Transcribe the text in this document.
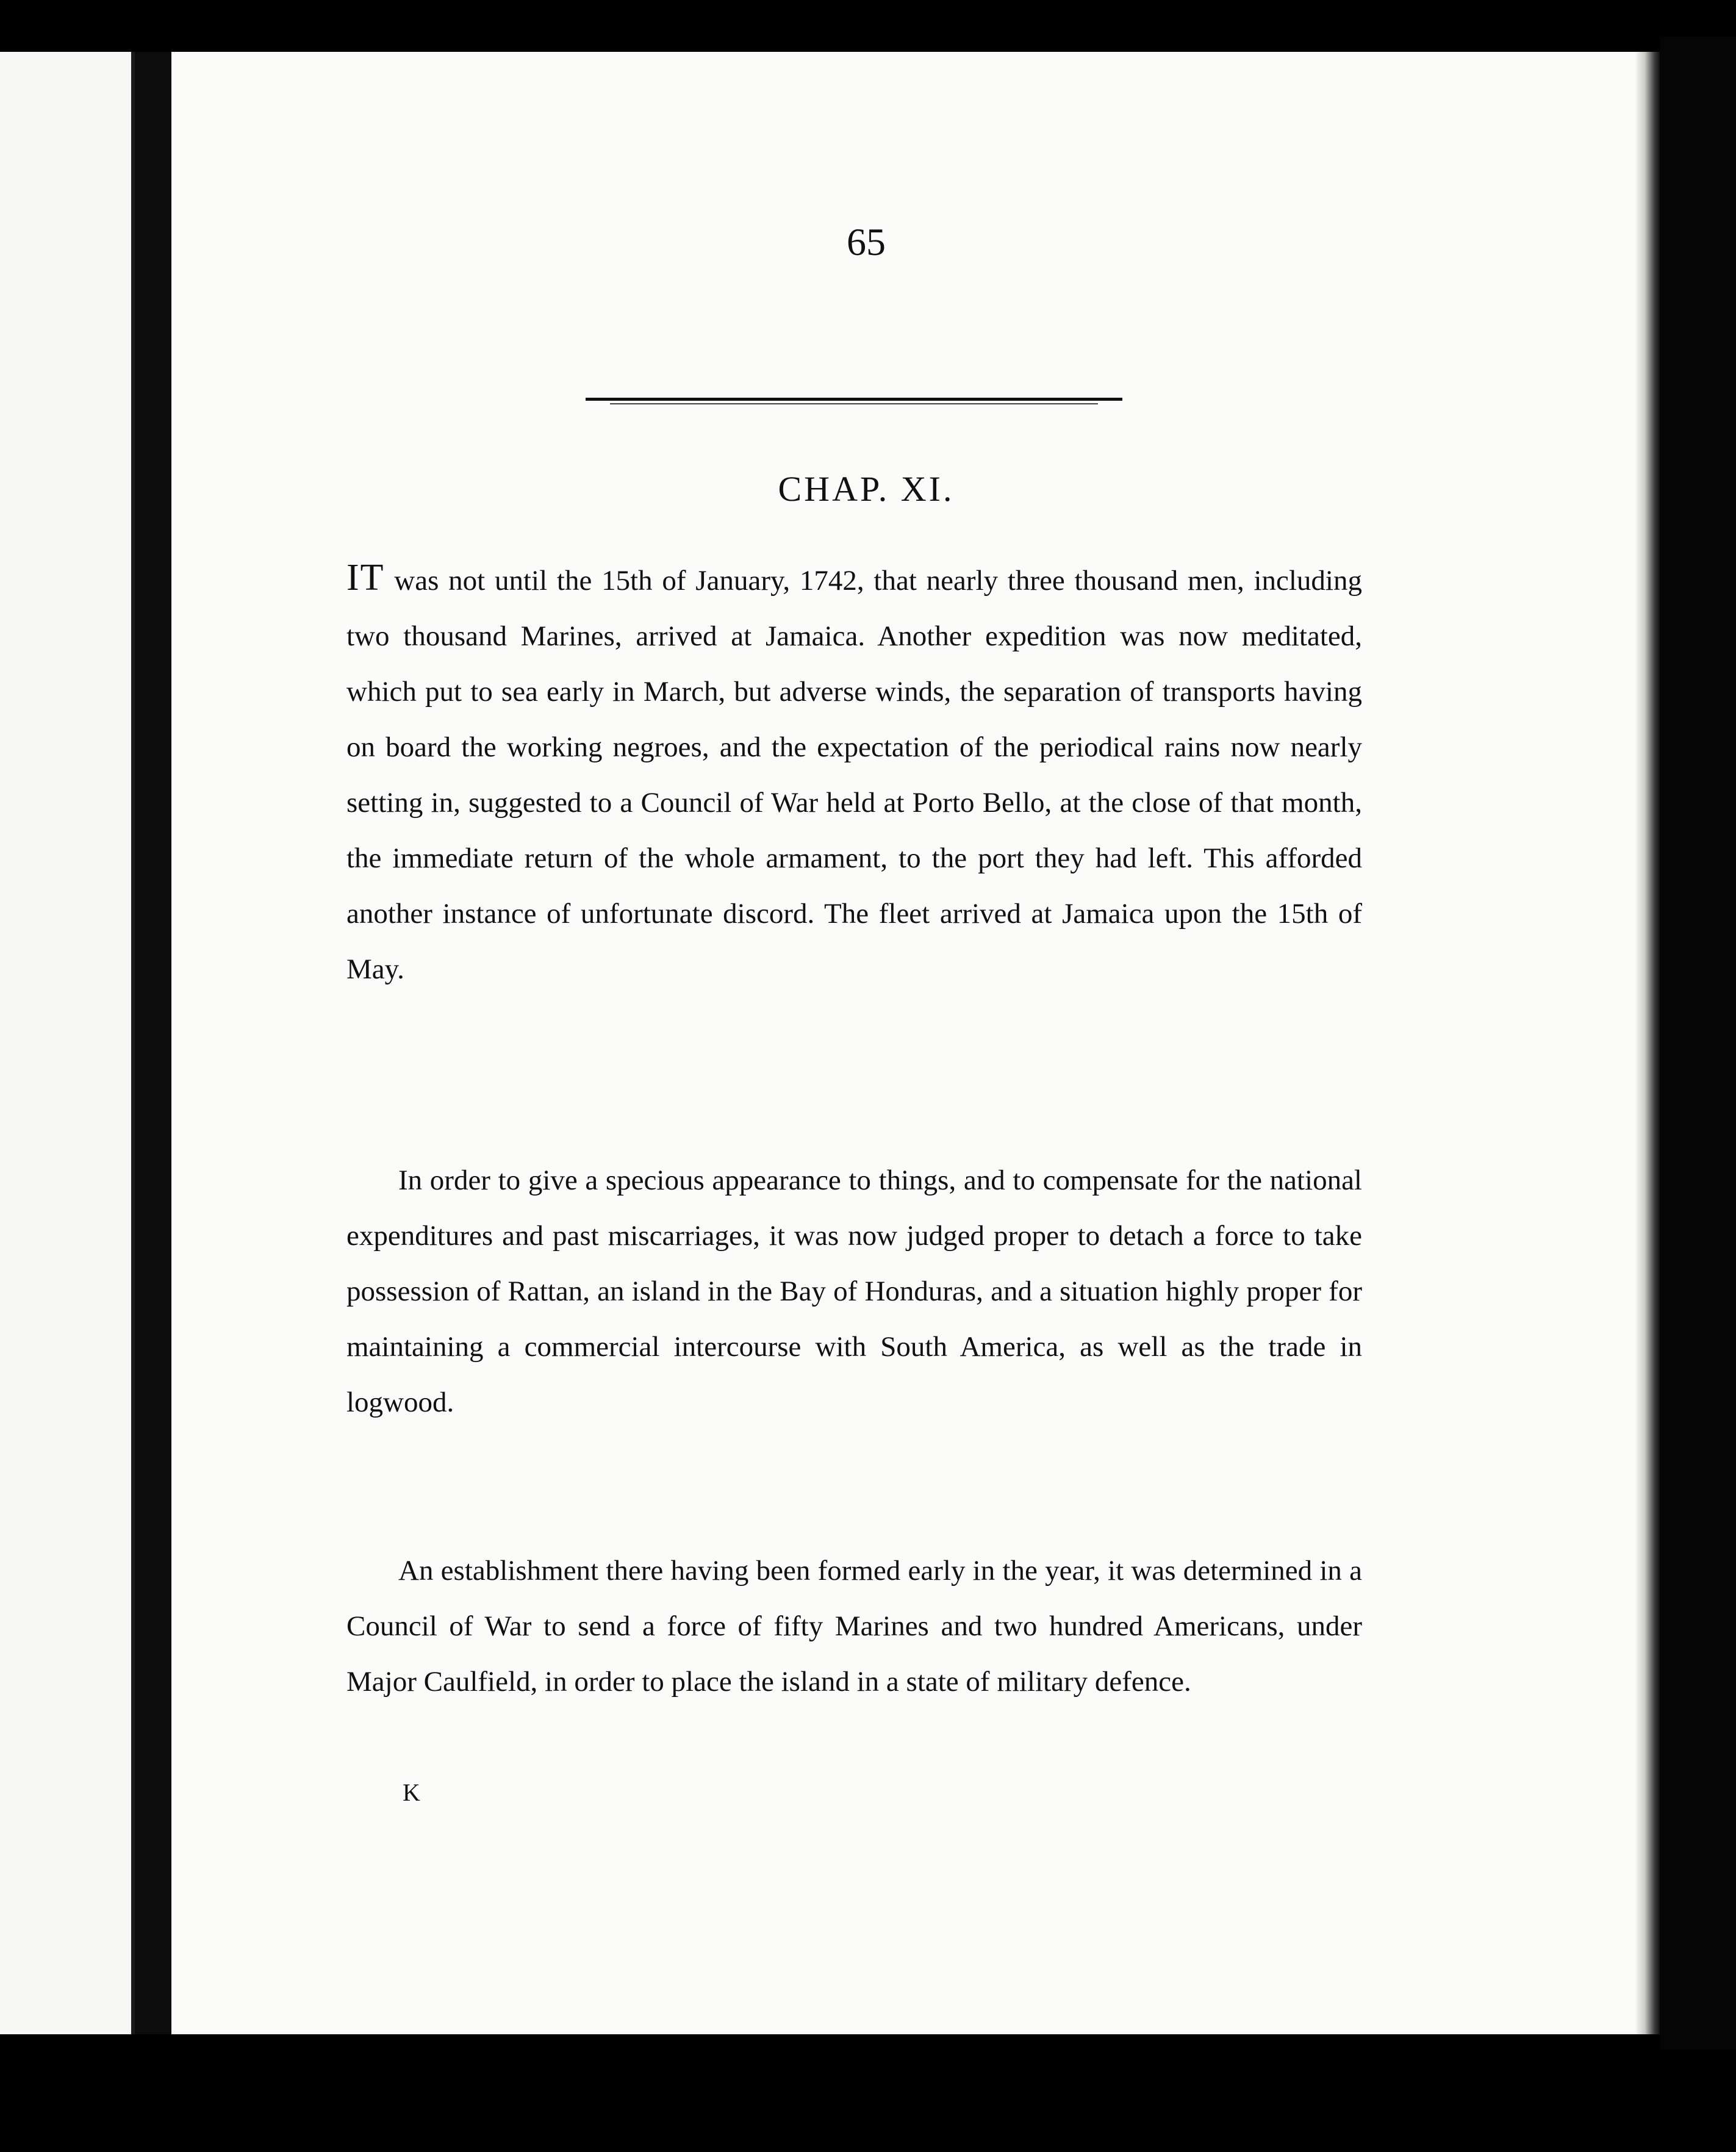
65
CHAP. XI.
IT was not until the 15th of January, 1742, that nearly three thousand men, including two thousand Marines, arrived at Jamaica. Another expedition was now meditated, which put to sea early in March, but adverse winds, the separation of transports having on board the working negroes, and the expectation of the periodical rains now nearly setting in, suggested to a Council of War held at Porto Bello, at the close of that month, the immediate return of the whole armament, to the port they had left. This afforded another instance of unfortunate discord. The fleet arrived at Jamaica upon the 15th of May.
In order to give a specious appearance to things, and to compensate for the national expenditures and past miscarriages, it was now judged proper to detach a force to take possession of Rattan, an island in the Bay of Honduras, and a situation highly proper for maintaining a commercial intercourse with South America, as well as the trade in logwood.
An establishment there having been formed early in the year, it was determined in a Council of War to send a force of fifty Marines and two hundred Americans, under Major Caulfield, in order to place the island in a state of military defence.
K
